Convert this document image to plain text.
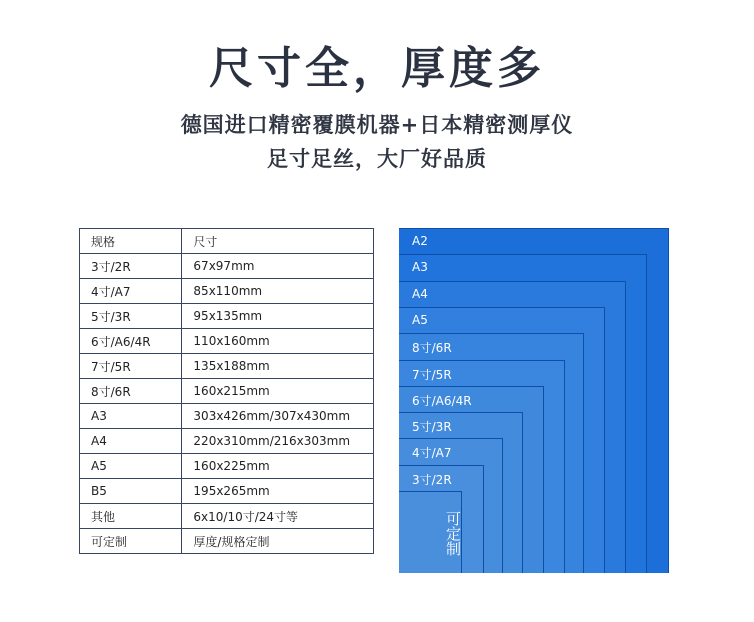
尺寸全，厚度多
德国进口精密覆膜机器+日本精密测厚仪
足寸足丝，大厂好品质
规格	尺寸
3寸/2R	67x97mm
4寸/A7	85x110mm
5寸/3R	95x135mm
6寸/A6/4R	110x160mm
7寸/5R	135x188mm
8寸/6R	160x215mm
A3	303x426mm/307x430mm
A4	220x310mm/216x303mm
A5	160x225mm
B5	195x265mm
其他	6x10/10寸/24寸等
可定制	厚度/规格定制
A2
A3
A4
A5
8寸/6R
7寸/5R
6寸/A6/4R
5寸/3R
4寸/A7
3寸/2R
可定制
